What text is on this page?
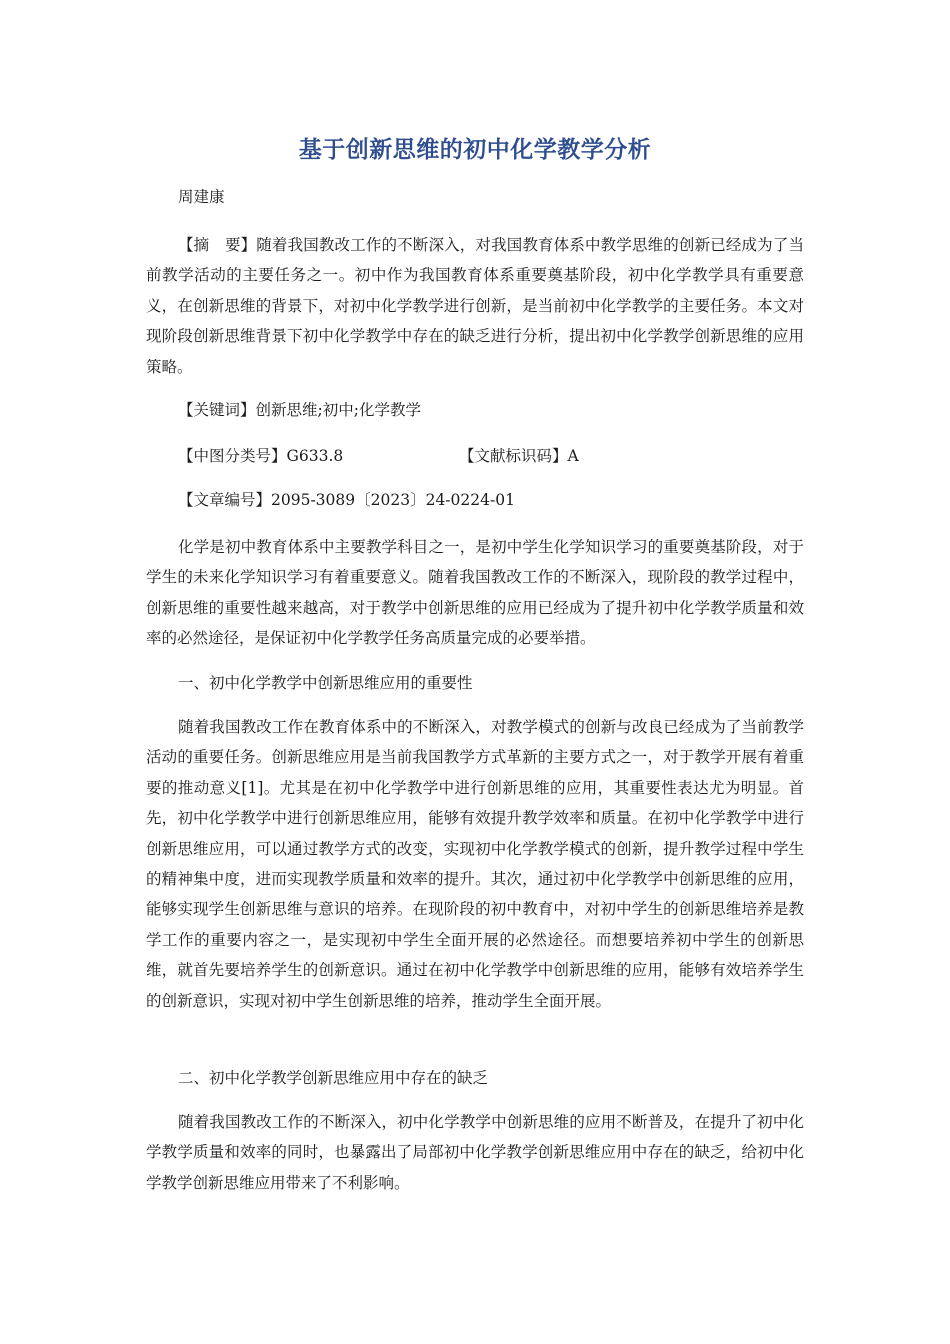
基于创新思维的初中化学教学分析
周建康

【摘　要】随着我国教改工作的不断深入，对我国教育体系中教学思维的创新已经成为了当前教学活动的主要任务之一。初中作为我国教育体系重要奠基阶段，初中化学教学具有重要意义，在创新思维的背景下，对初中化学教学进行创新，是当前初中化学教学的主要任务。本文对现阶段创新思维背景下初中化学教学中存在的缺乏进行分析，提出初中化学教学创新思维的应用策略。

【关键词】创新思维;初中;化学教学
【中图分类号】G633.8	【文献标识码】A
【文章编号】2095-3089〔2023〕24-0224-01

化学是初中教育体系中主要教学科目之一，是初中学生化学知识学习的重要奠基阶段，对于学生的未来化学知识学习有着重要意义。随着我国教改工作的不断深入，现阶段的教学过程中，创新思维的重要性越来越高，对于教学中创新思维的应用已经成为了提升初中化学教学质量和效率的必然途径，是保证初中化学教学任务高质量完成的必要举措。

一、初中化学教学中创新思维应用的重要性

随着我国教改工作在教育体系中的不断深入，对教学模式的创新与改良已经成为了当前教学活动的重要任务。创新思维应用是当前我国教学方式革新的主要方式之一，对于教学开展有着重要的推动意义[1]。尤其是在初中化学教学中进行创新思维的应用，其重要性表达尤为明显。首先，初中化学教学中进行创新思维应用，能够有效提升教学效率和质量。在初中化学教学中进行创新思维应用，可以通过教学方式的改变，实现初中化学教学模式的创新，提升教学过程中学生的精神集中度，进而实现教学质量和效率的提升。其次，通过初中化学教学中创新思维的应用，能够实现学生创新思维与意识的培养。在现阶段的初中教育中，对初中学生的创新思维培养是教学工作的重要内容之一，是实现初中学生全面开展的必然途径。而想要培养初中学生的创新思维，就首先要培养学生的创新意识。通过在初中化学教学中创新思维的应用，能够有效培养学生的创新意识，实现对初中学生创新思维的培养，推动学生全面开展。

二、初中化学教学创新思维应用中存在的缺乏

随着我国教改工作的不断深入，初中化学教学中创新思维的应用不断普及，在提升了初中化学教学质量和效率的同时，也暴露出了局部初中化学教学创新思维应用中存在的缺乏，给初中化学教学创新思维应用带来了不利影响。
